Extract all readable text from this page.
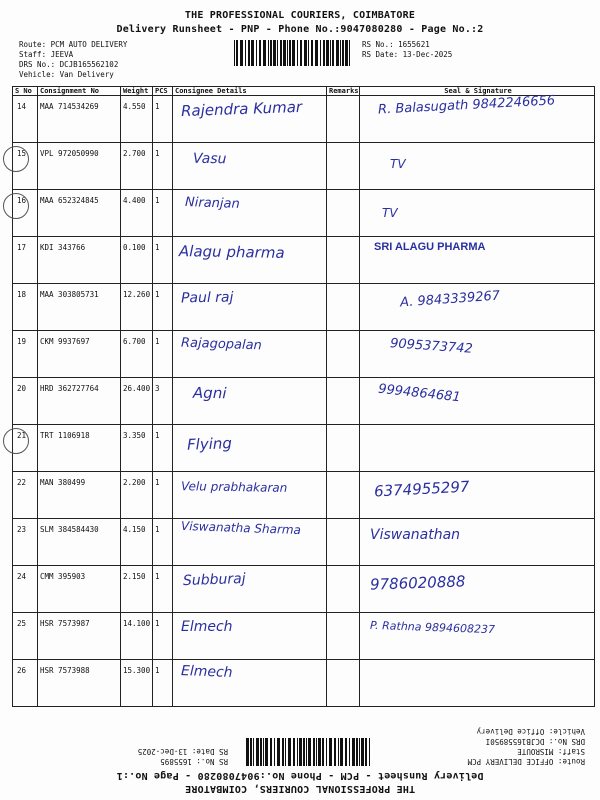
THE PROFESSIONAL COURIERS, COIMBATORE
Delivery Runsheet - PNP - Phone No.:9047080280 - Page No.:2
Route: PCM AUTO DELIVERY
Staff: JEEVA
DRS No.: DCJB165562102
Vehicle: Van Delivery
RS No.: 1655621
RS Date: 13-Dec-2025
S No	Consignment No	Weight	PCS	Consignee Details	Remarks	Seal & Signature
14	MAA 714534269	4.550	1	Rajendra Kumar		R. Balasugath 9842246656

15	VPL 972050990	2.700	1	Vasu		TV

16	MAA 652324845	4.400	1	Niranjan		TV

17	KDI 343766	0.100	1	Alagu pharma		SRI ALAGU PHARMA

18	MAA 303805731	12.260	1	Paul raj		A. 9843339267

19	CKM 9937697	6.700	1	Rajagopalan		9095373742

20	HRD 362727764	26.400	3	Agni		9994864681

21	TRT 1106918	3.350	1	Flying		

22	MAN 380499	2.200	1	Velu prabhakaran		6374955297

23	SLM 384584430	4.150	1	Viswanatha Sharma		Viswanathan

24	CMM 395903	2.150	1	Subburaj		9786020888

25	HSR 7573987	14.100	1	Elmech		P. Rathna 9894608237

26	HSR 7573988	15.300	1	Elmech		

THE PROFESSIONAL COURIERS, COIMBATORE
Delivery Runsheet - PCM - Phone No.:9047080280 - Page No.:1
Route: OFFICE DELIVERY PCM
Staff: MISROUTE
DRS No.: DCJB16558950I
Vehicle: Office Delivery
RS No.: 1655895
RS Date: 13-Dec-2025
